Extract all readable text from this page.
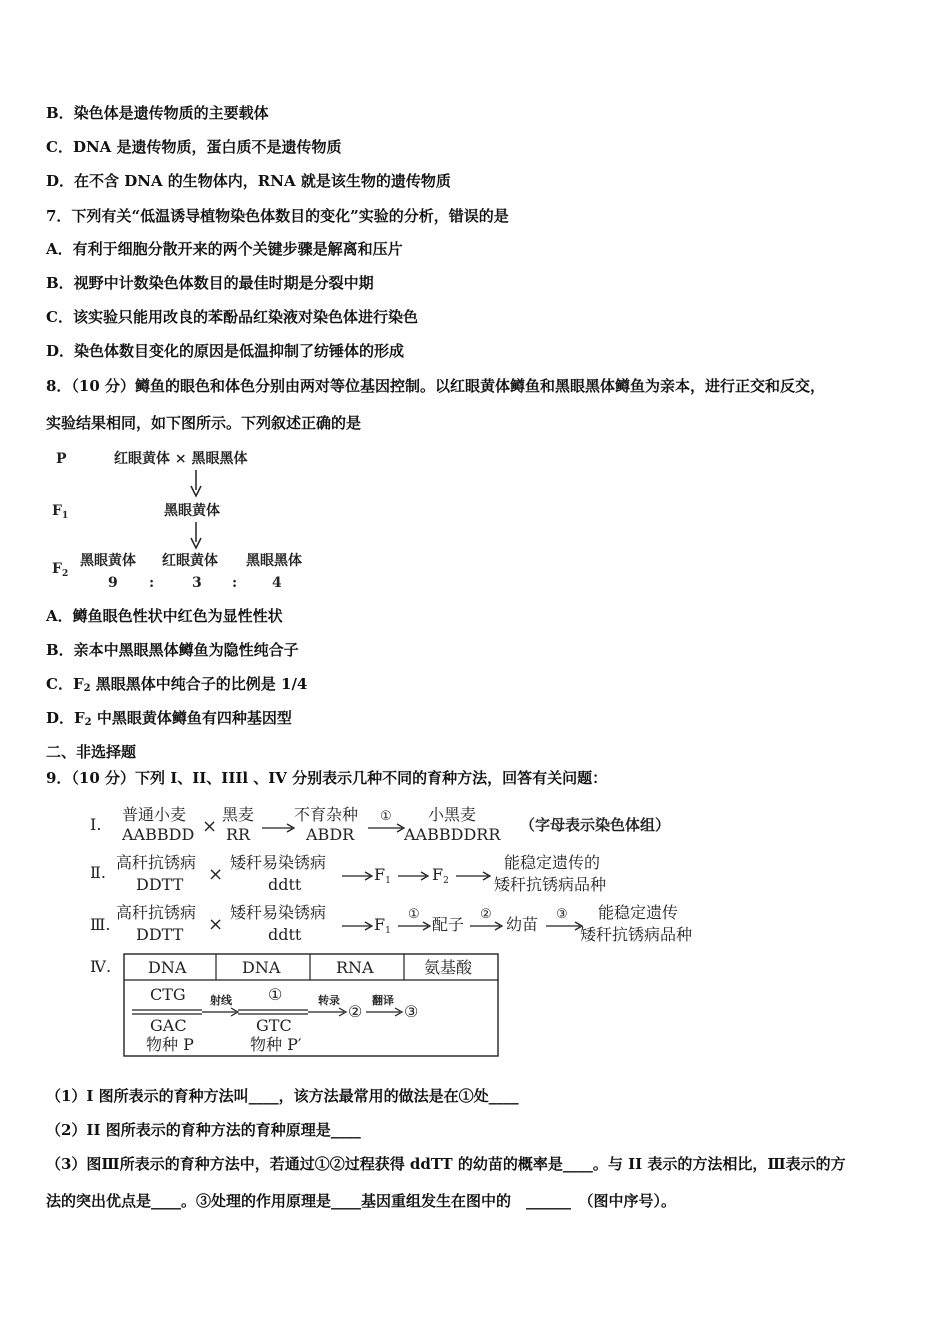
B．染色体是遗传物质的主要载体
C．DNA 是遗传物质，蛋白质不是遗传物质
D．在不含 DNA 的生物体内，RNA 就是该生物的遗传物质
7．下列有关“低温诱导植物染色体数目的变化”实验的分析，错误的是
A．有利于细胞分散开来的两个关键步骤是解离和压片
B．视野中计数染色体数目的最佳时期是分裂中期
C．该实验只能用改良的苯酚品红染液对染色体进行染色
D．染色体数目变化的原因是低温抑制了纺锤体的形成
8．（10 分）鳟鱼的眼色和体色分别由两对等位基因控制。以红眼黄体鳟鱼和黑眼黑体鳟鱼为亲本，进行正交和反交，
实验结果相同，如下图所示。下列叙述正确的是
P	红眼黄体 × 黑眼黑体
$F_1$	黑眼黄体
$F_2$
黑眼黄体 红眼黄体 黑眼黑体
9 :	3 : 4
A．鳟鱼眼色性状中红色为显性性状
B．亲本中黑眼黑体鳟鱼为隐性纯合子
C．$F_2$ 黑眼黑体中纯合子的比例是 1/4
D．$F_2$ 中黑眼黄体鳟鱼有四种基因型
二、非选择题
9．（10 分）下列 I、II、IIIl 、IV 分别表示几种不同的育种方法，回答有关问题：
Ⅰ.
普通小麦
AABBDD ×
黑麦
RR
不育杂种
ABDR
① 小黑麦
AABBDDRR （字母表示染色体组）
Ⅱ.
高秆抗锈病
DDTT ×
矮秆易染锈病
ddtt
F1	F2
能稳定遗传的
矮秆抗锈病品种
Ⅲ.
高秆抗锈病
DDTT ×
矮秆易染锈病
ddtt
F1
①
配子
②
幼苗
③ 能稳定遗传
矮秆抗锈病品种
Ⅳ. DNA	DNA	RNA	氨基酸
CTG
GAC
物种 P
射线 ①
GTC
物种 P′
转录
②
翻译
③
（1）I 图所表示的育种方法叫____，该方法最常用的做法是在①处____
（2）II 图所表示的育种方法的育种原理是____
（3）图Ⅲ所表示的育种方法中，若通过①②过程获得 ddTT 的幼苗的概率是____。与 II 表示的方法相比，Ⅲ表示的方
法的突出优点是____。③处理的作用原理是____基因重组发生在图中的　______　（图中序号）。
